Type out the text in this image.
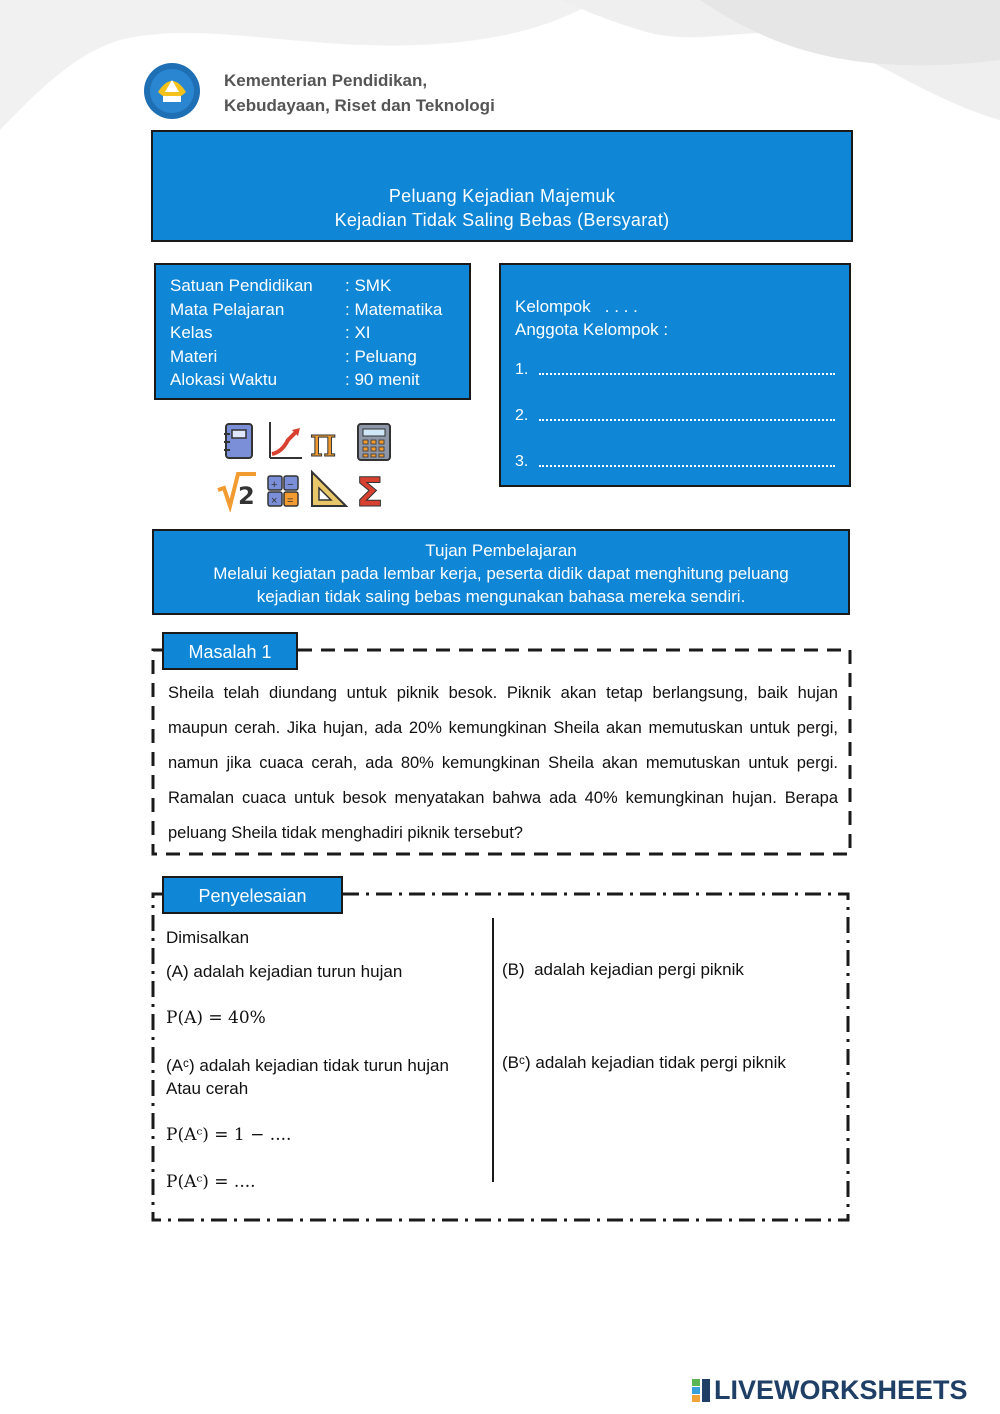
Kementerian Pendidikan,
Kebudayaan, Riset dan Teknologi
Peluang Kejadian Majemuk
Kejadian Tidak Saling Bebas (Bersyarat)
Satuan Pendidikan	: SMK
Mata Pelajaran	: Matematika
Kelas	: XI
Materi	: Peluang
Alokasi Waktu	: 90 menit
Kelompok   . . . .
Anggota Kelompok :
1.
2.
3.
π
2 + −
× = Σ
Tujan Pembelajaran
Melalui kegiatan pada lembar kerja, peserta didik dapat menghitung peluang
kejadian tidak saling bebas mengunakan bahasa mereka sendiri.
Masalah 1
Sheila telah diundang untuk piknik besok. Piknik akan tetap berlangsung, baik hujan maupun cerah. Jika hujan, ada 20% kemungkinan Sheila akan memutuskan untuk pergi, namun jika cuaca cerah, ada 80% kemungkinan Sheila akan memutuskan untuk pergi. Ramalan cuaca untuk besok menyatakan bahwa ada 40% kemungkinan hujan. Berapa peluang Sheila tidak menghadiri piknik tersebut?
Penyelesaian
Dimisalkan
(A) adalah kejadian turun hujan
P(A) = 40%
(Aᶜ) adalah kejadian tidak turun hujan
Atau cerah
P(Aᶜ) = 1 − ....
P(Aᶜ) = ....
(B)  adalah kejadian pergi piknik
(Bᶜ) adalah kejadian tidak pergi piknik
LIVEWORKSHEETS
